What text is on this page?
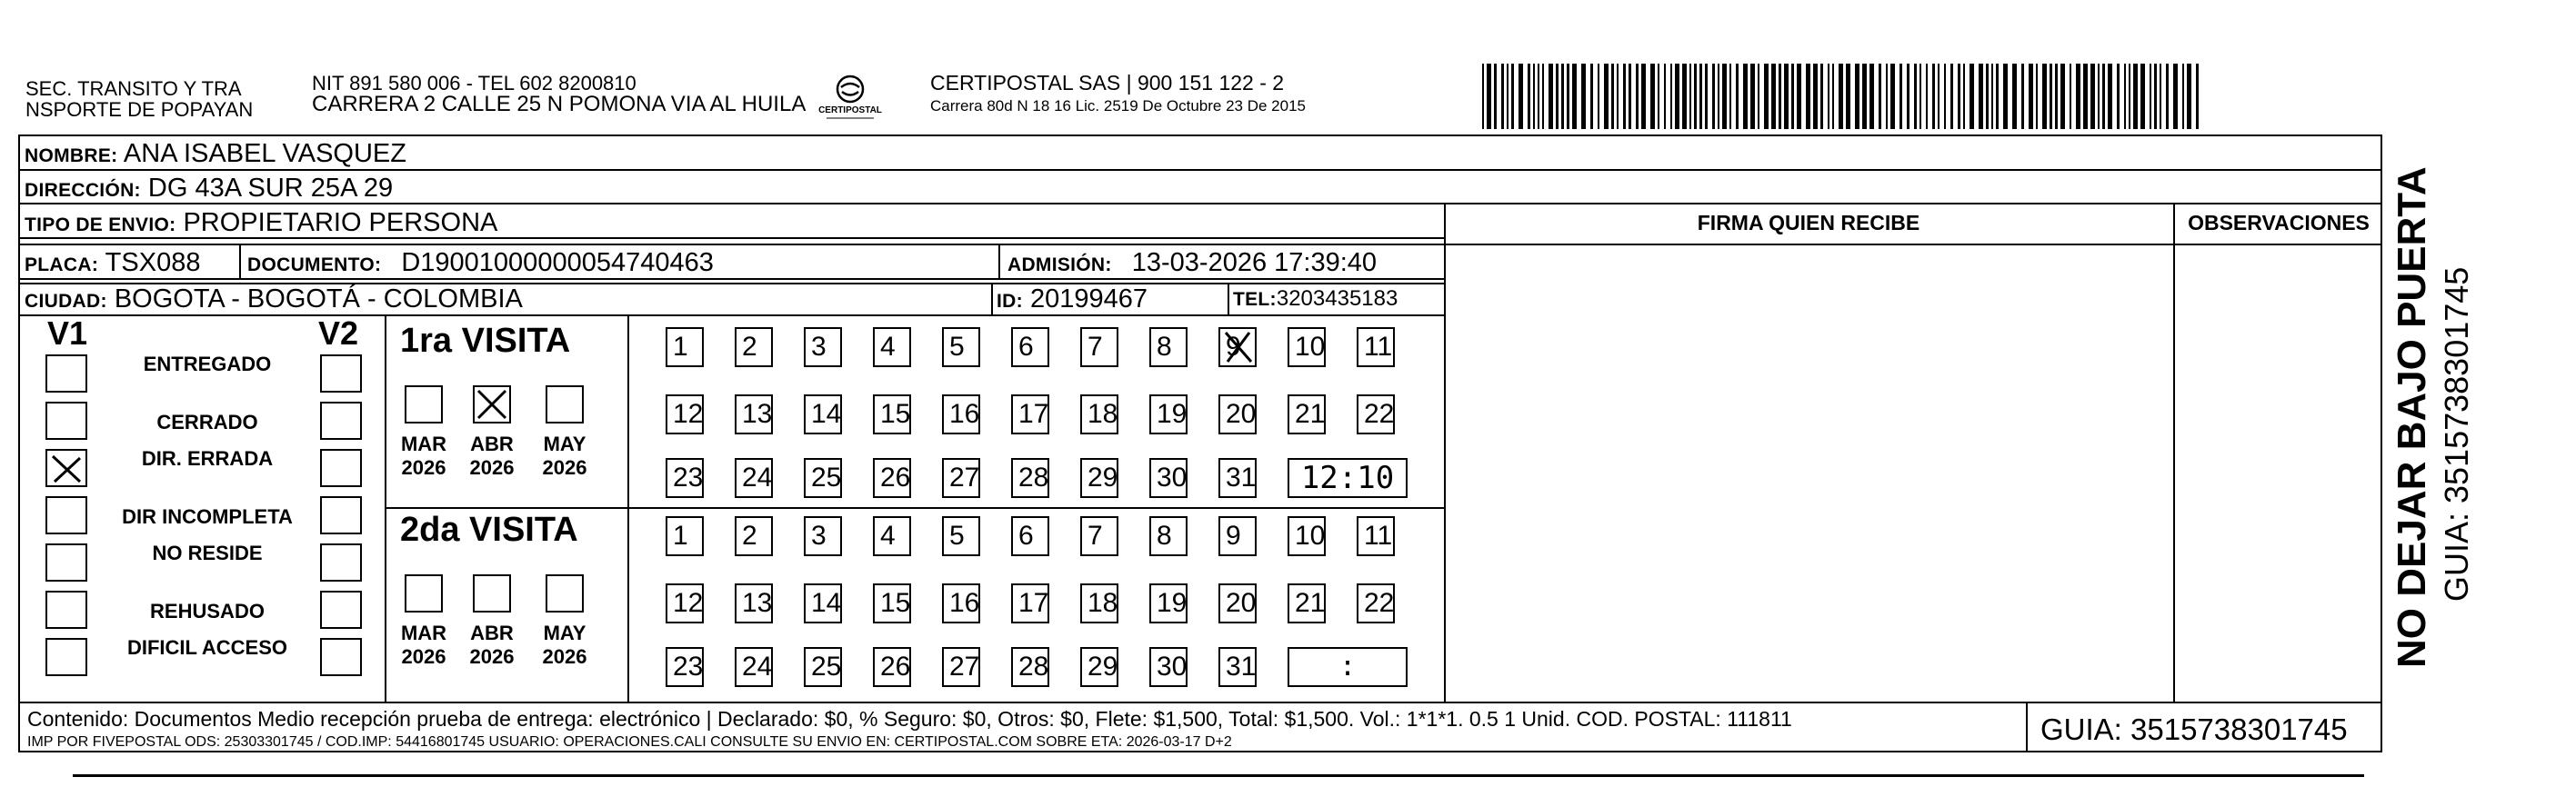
SEC. TRANSITO Y TRA
NSPORTE DE POPAYAN
NIT 891 580 006 - TEL 602 8200810
CARRERA 2 CALLE 25 N POMONA VIA AL HUILA CERTIPOSTAL
CERTIPOSTAL SAS | 900 151 122 - 2
Carrera 80d N 18 16 Lic. 2519 De Octubre 23 De 2015
NOMBRE: ANA ISABEL VASQUEZ
DIRECCIÓN: DG 43A SUR 25A 29
TIPO DE ENVIO: PROPIETARIO PERSONA
PLACA: TSX088 DOCUMENTO: D19001000000054740463	ADMISIÓN: 13-03-2026 17:39:40
CIUDAD: BOGOTA - BOGOTÁ - COLOMBIA	ID: 20199467	TEL:3203435183
FIRMA QUIEN RECIBE	OBSERVACIONES
V1	V2
ENTREGADO
CERRADO
DIR. ERRADA
DIR INCOMPLETA
NO RESIDE
REHUSADO
DIFICIL ACCESO
1ra VISITA
MAR
2026
ABR
2026
MAY
2026
1	2	3	4	5	6	7	8	9	10 11
12 13 14 15 16 17 18 19 20 21 22
23 24 25 26 27 28 29 30 31	12:10
2da VISITA
MAR
2026
ABR
2026
MAY
2026
1	2	3	4	5	6	7	8	9	10 11
12 13 14 15 16 17 18 19 20 21 22
23 24 25 26 27 28 29 30 31	:
Contenido: Documentos Medio recepción prueba de entrega: electrónico | Declarado: $0, % Seguro: $0, Otros: $0, Flete: $1,500, Total: $1,500. Vol.: 1*1*1. 0.5 1 Unid. COD. POSTAL: 111811
IMP POR FIVEPOSTAL ODS: 25303301745 / COD.IMP: 54416801745 USUARIO: OPERACIONES.CALI CONSULTE SU ENVIO EN: CERTIPOSTAL.COM SOBRE ETA: 2026-03-17 D+2	GUIA: 3515738301745
NO DEJAR BAJO PUERTA GUIA: 3515738301745
